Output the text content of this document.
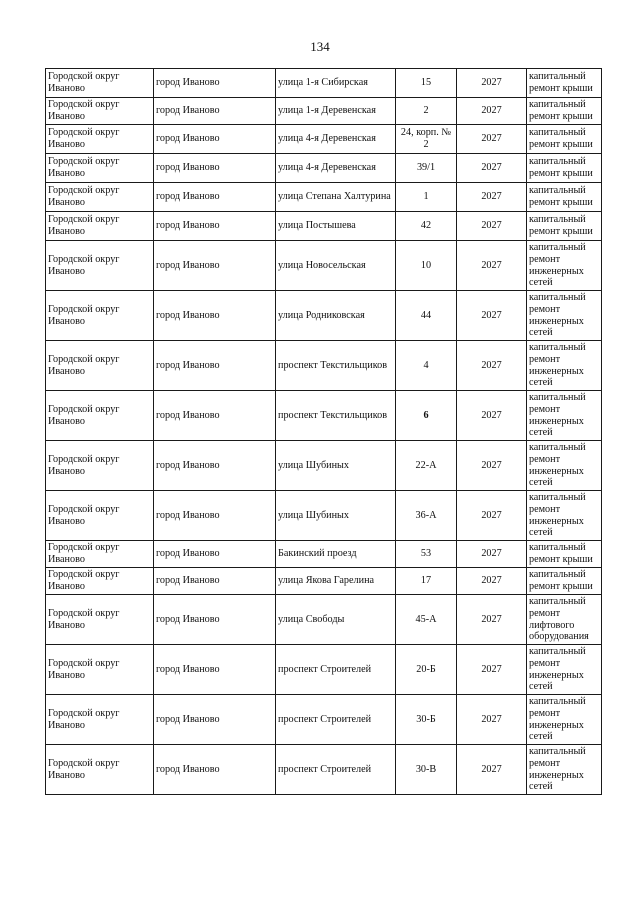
134
Городской округ Иваново	город Иваново	улица 1-я Сибирская	15	2027	капитальный ремонт крыши
Городской округ Иваново	город Иваново	улица 1-я Деревенская	2	2027	капитальный ремонт крыши
Городской округ Иваново	город Иваново	улица 4-я Деревенская	24, корп. № 2	2027	капитальный ремонт крыши
Городской округ Иваново	город Иваново	улица 4-я Деревенская	39/1	2027	капитальный ремонт крыши
Городской округ Иваново	город Иваново	улица Степана Халтурина	1	2027	капитальный ремонт крыши
Городской округ Иваново	город Иваново	улица Постышева	42	2027	капитальный ремонт крыши
Городской округ Иваново	город Иваново	улица Новосельская	10	2027	капитальный ремонт инженерных сетей
Городской округ Иваново	город Иваново	улица Родниковская	44	2027	капитальный ремонт инженерных сетей
Городской округ Иваново	город Иваново	проспект Текстильщиков	4	2027	капитальный ремонт инженерных сетей
Городской округ Иваново	город Иваново	проспект Текстильщиков	6	2027	капитальный ремонт инженерных сетей
Городской округ Иваново	город Иваново	улица Шубиных	22-А	2027	капитальный ремонт инженерных сетей
Городской округ Иваново	город Иваново	улица Шубиных	36-А	2027	капитальный ремонт инженерных сетей
Городской округ Иваново	город Иваново	Бакинский проезд	53	2027	капитальный ремонт крыши
Городской округ Иваново	город Иваново	улица Якова Гарелина	17	2027	капитальный ремонт крыши
Городской округ Иваново	город Иваново	улица Свободы	45-А	2027	капитальный ремонт лифтового оборудования
Городской округ Иваново	город Иваново	проспект Строителей	20-Б	2027	капитальный ремонт инженерных сетей
Городской округ Иваново	город Иваново	проспект Строителей	30-Б	2027	капитальный ремонт инженерных сетей
Городской округ Иваново	город Иваново	проспект Строителей	30-В	2027	капитальный ремонт инженерных сетей
